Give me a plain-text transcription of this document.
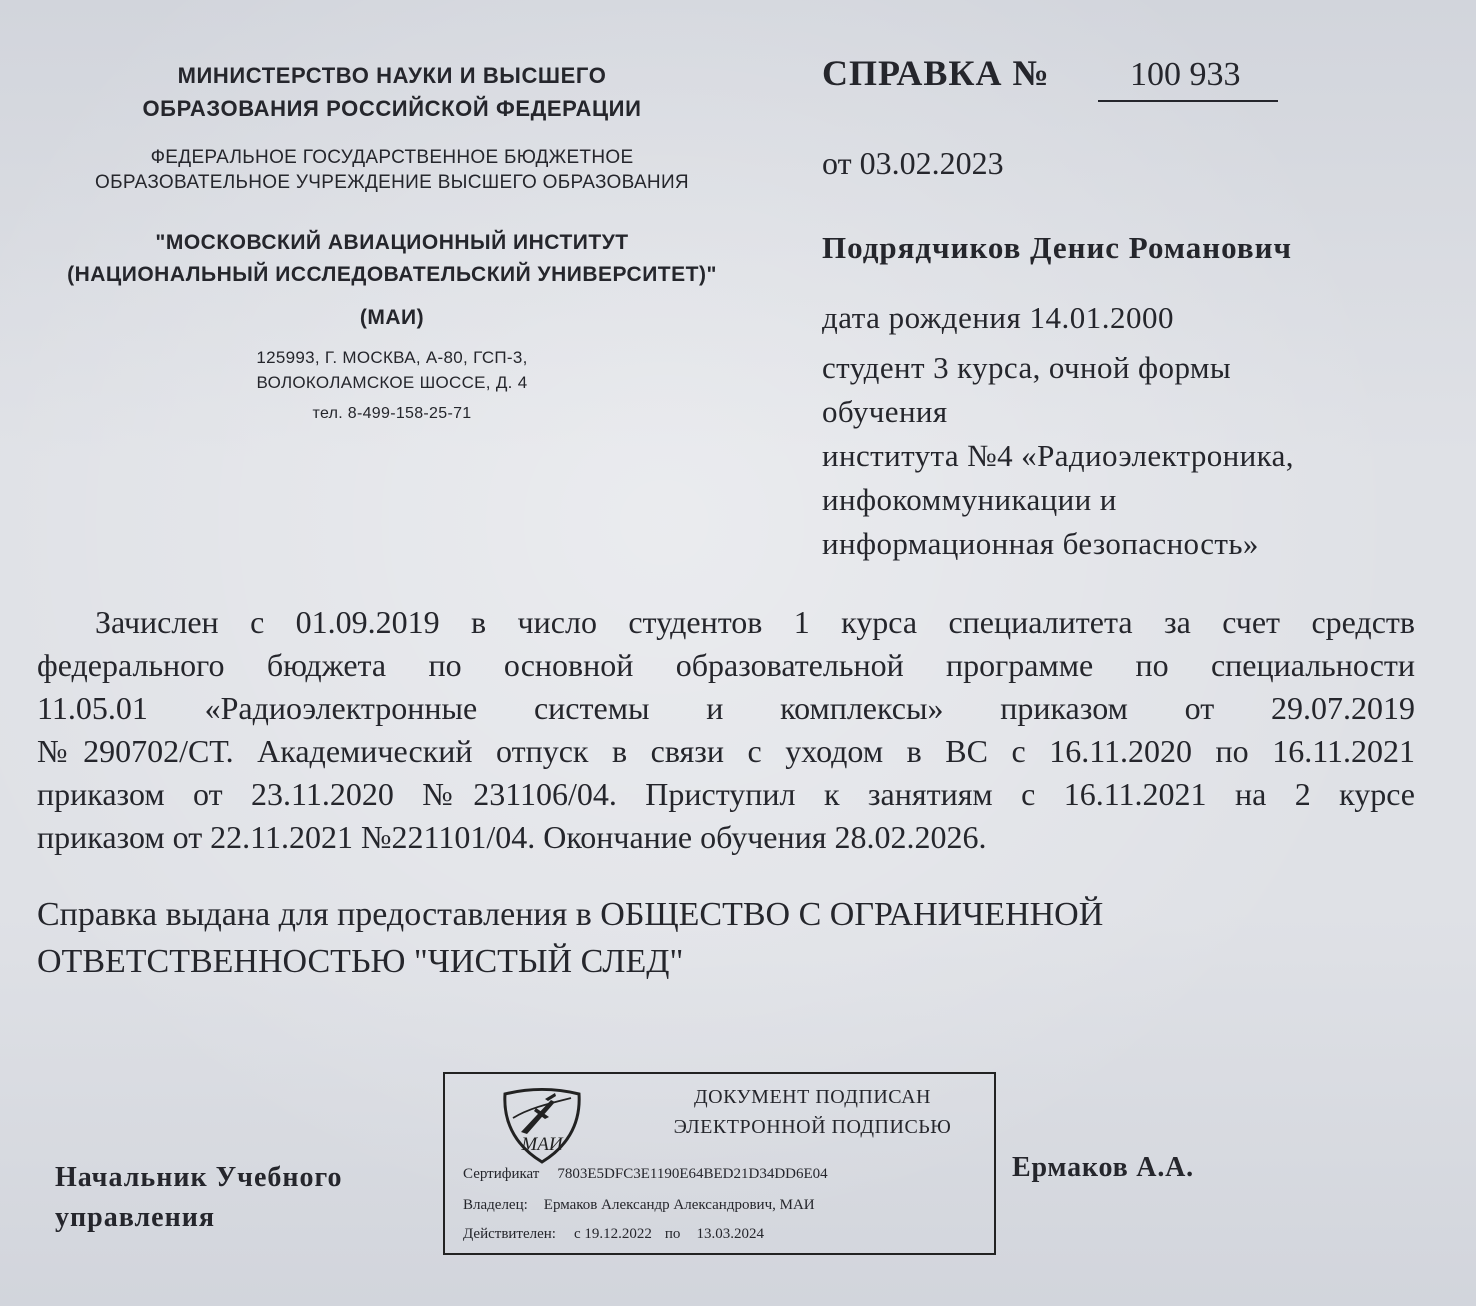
МИНИСТЕРСТВО НАУКИ И ВЫСШЕГО
ОБРАЗОВАНИЯ РОССИЙСКОЙ ФЕДЕРАЦИИ
ФЕДЕРАЛЬНОЕ ГОСУДАРСТВЕННОЕ БЮДЖЕТНОЕ
ОБРАЗОВАТЕЛЬНОЕ УЧРЕЖДЕНИЕ ВЫСШЕГО ОБРАЗОВАНИЯ
"МОСКОВСКИЙ АВИАЦИОННЫЙ ИНСТИТУТ
(НАЦИОНАЛЬНЫЙ ИССЛЕДОВАТЕЛЬСКИЙ УНИВЕРСИТЕТ)"
(МАИ)
125993, Г. МОСКВА, А-80, ГСП-3,
ВОЛОКОЛАМСКОЕ ШОССЕ, Д. 4
тел. 8-499-158-25-71
СПРАВКА № 100 933
от 03.02.2023
Подрядчиков Денис Романович
дата рождения 14.01.2000
студент 3 курса, очной формы
обучения
института №4 «Радиоэлектроника,
инфокоммуникации и
информационная безопасность»
Зачислен с 01.09.2019 в число студентов 1 курса специалитета за счет средств
федерального бюджета по основной образовательной программе по специальности
11.05.01 «Радиоэлектронные системы и комплексы» приказом от 29.07.2019
№290702/СТ. Академический отпуск в связи с уходом в ВС с 16.11.2020 по 16.11.2021
приказом от 23.11.2020 №231106/04. Приступил к занятиям с 16.11.2021 на 2 курсе
приказом от 22.11.2021 №221101/04. Окончание обучения 28.02.2026.
Справка выдана для предоставления в ОБЩЕСТВО С ОГРАНИЧЕННОЙ
ОТВЕТСТВЕННОСТЬЮ "ЧИСТЫЙ СЛЕД"
Начальник Учебного
управления
МАИ
ДОКУМЕНТ ПОДПИСАН
ЭЛЕКТРОННОЙ ПОДПИСЬЮ
Сертификат 7803E5DFC3E1190E64BED21D34DD6E04
Владелец: Ермаков Александр Александрович, МАИ
Действителен: с 19.12.2022 по 13.03.2024
Ермаков А.А.
